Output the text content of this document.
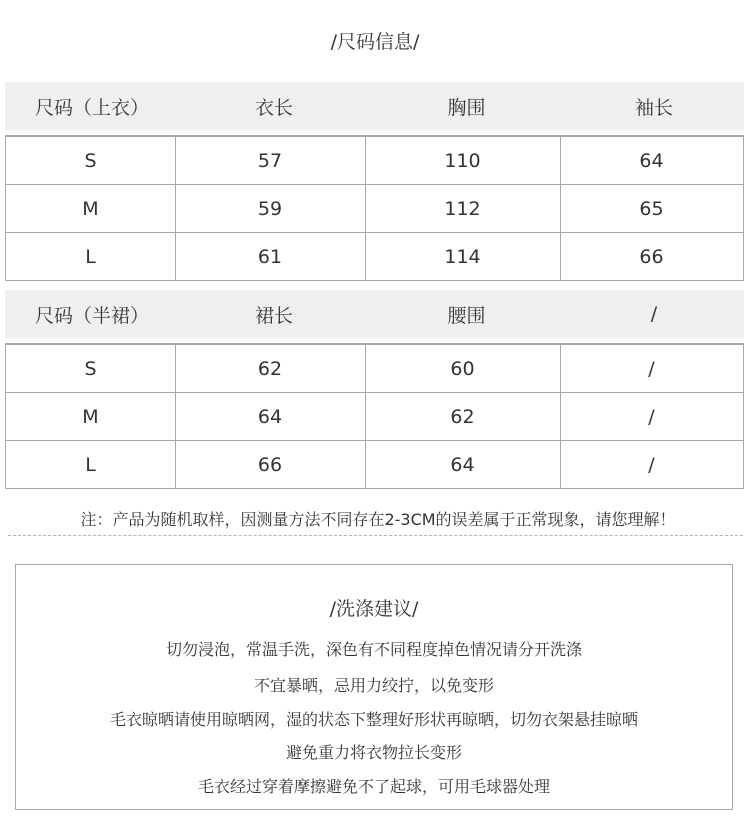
/尺码信息/
尺码（上衣）	衣长	胸围	袖长
S	57	110	64
M	59	112	65
L	61	114	66
尺码（半裙）	裙长	腰围	/
S	62	60	/
M	64	62	/
L	66	64	/
注：产品为随机取样，因测量方法不同存在2-3CM的误差属于正常现象，请您理解！
/洗涤建议/
切勿浸泡，常温手洗，深色有不同程度掉色情况请分开洗涤
不宜暴晒，忌用力绞拧，以免变形
毛衣晾晒请使用晾晒网，湿的状态下整理好形状再晾晒，切勿衣架悬挂晾晒
避免重力将衣物拉长变形
毛衣经过穿着摩擦避免不了起球，可用毛球器处理
